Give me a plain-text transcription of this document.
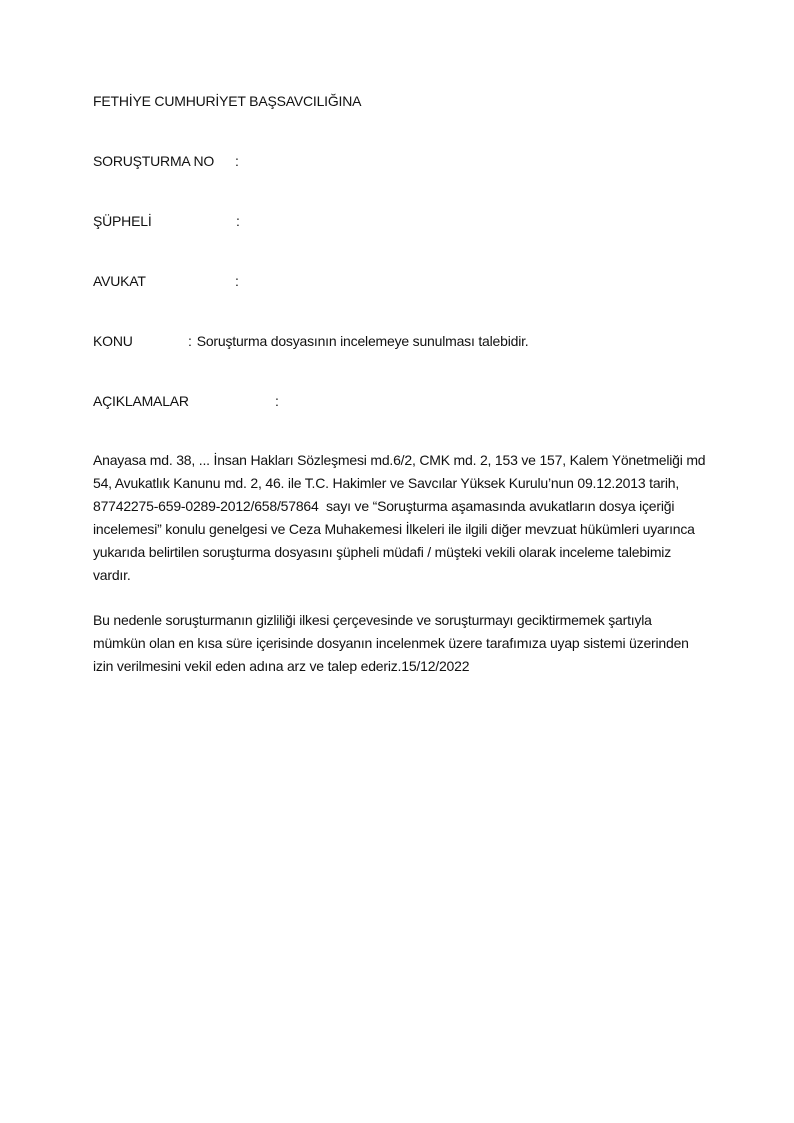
FETHİYE CUMHURİYET BAŞSAVCILIĞINA
SORUŞTURMA NO	:
ŞÜPHELİ	:
AVUKAT	:
KONU	: Soruşturma dosyasının incelemeye sunulması talebidir.
AÇIKLAMALAR	:
Anayasa md. 38, ... İnsan Hakları Sözleşmesi md.6/2, CMK md. 2, 153 ve 157, Kalem Yönetmeliği md
54, Avukatlık Kanunu md. 2, 46. ile T.C. Hakimler ve Savcılar Yüksek Kurulu’nun 09.12.2013 tarih,
87742275-659-0289-2012/658/57864  sayı ve “Soruşturma aşamasında avukatların dosya içeriği
incelemesi” konulu genelgesi ve Ceza Muhakemesi İlkeleri ile ilgili diğer mevzuat hükümleri uyarınca
yukarıda belirtilen soruşturma dosyasını şüpheli müdafi / müşteki vekili olarak inceleme talebimiz
vardır.
Bu nedenle soruşturmanın gizliliği ilkesi çerçevesinde ve soruşturmayı geciktirmemek şartıyla
mümkün olan en kısa süre içerisinde dosyanın incelenmek üzere tarafımıza uyap sistemi üzerinden
izin verilmesini vekil eden adına arz ve talep ederiz.15/12/2022
